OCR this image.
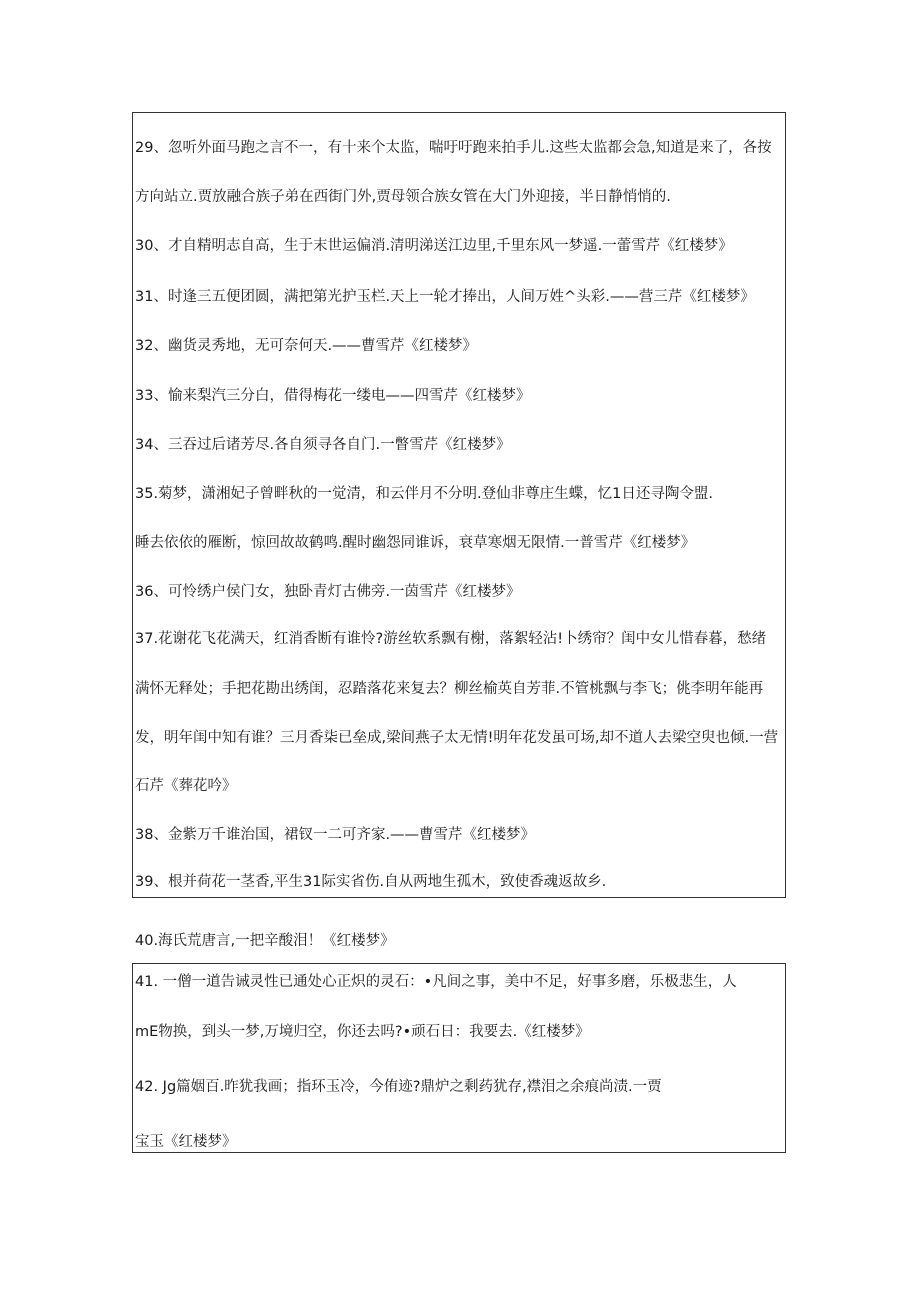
29、忽听外面马跑之言不一，有十来个太监，喘吁吁跑来拍手儿.这些太监都会急,知道是来了，各按
方向站立.贾放融合族子弟在西街门外,贾母领合族女管在大门外迎接，半日静悄悄的.
30、才自精明志自高，生于末世运偏消.清明涕送江边里,千里东风一梦遥.一蕾雪芹《红楼梦》
31、时逢三五便团圆，满把第光护玉栏.天上一轮才捧出，人间万姓^头彩.——营三芹《红楼梦》
32、幽货灵秀地，无可奈何天.——曹雪芹《红楼梦》
33、愉来梨汽三分白，借得梅花一缕电——四雪芹《红楼梦》
34、三吞过后诸芳尽.各自须寻各自门.一瞥雪芹《红楼梦》
35.菊梦，潇湘妃子曾畔秋的一觉清，和云伴月不分明.登仙非尊庄生蝶，忆1日还寻陶令盟.
睡去依依的雁断，惊回故故鹤鸣.醒时幽怨同谁诉，衰草寒烟无限情.一普雪芹《红楼梦》
36、可怜绣户侯门女，独卧青灯古佛旁.一茵雪芹《红楼梦》
37.花谢花飞花满天，红消香断有谁怜?游丝软系飘有榭，落絮轻沾!卜绣帘？闺中女儿惜春暮，愁绪
满怀无释处；手把花勘出绣闺，忍踏落花来复去？柳丝榆英自芳菲.不管桃飘与李飞；佻李明年能再
发，明年闺中知有谁？三月香柒已垒成,梁间燕子太无情!明年花发虽可场,却不道人去梁空臾也倾.一营
石芹《葬花吟》
38、金紫万千谁治国，裙钗一二可齐家.——曹雪芹《红楼梦》
39、根并荷花一茎香,平生31际实省伤.自从两地生孤木，致使香魂返故乡.
40.海氏荒唐言,一把辛酸泪！《红楼梦》
41. 一僧一道告诫灵性已通处心正炽的灵石：•凡间之事，美中不足，好事多磨，乐极悲生，人
mE物换，到头一梦,万境归空，你还去吗?•顽石日：我要去.《红楼梦》
42. Jg篇姻百.昨犹我画；指环玉冷，今侑迹?鼎炉之剩药犹存,襟泪之余痕尚渍.一贾
宝玉《红楼梦》
